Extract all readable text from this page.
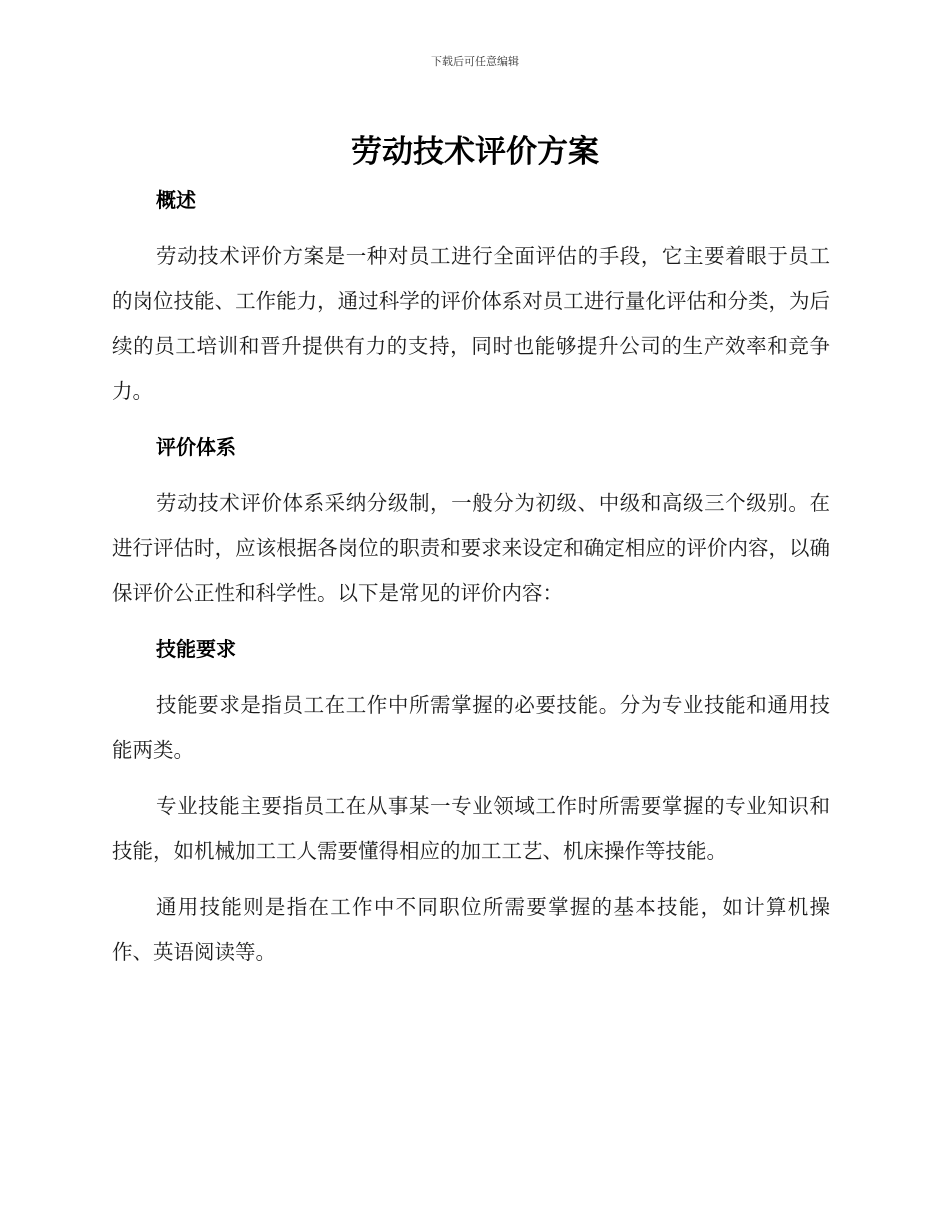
下载后可任意编辑
劳动技术评价方案
概述
劳动技术评价方案是一种对员工进行全面评估的手段，它主要着眼于员工的岗位技能、工作能力，通过科学的评价体系对员工进行量化评估和分类，为后续的员工培训和晋升提供有力的支持，同时也能够提升公司的生产效率和竞争力。
评价体系
劳动技术评价体系采纳分级制，一般分为初级、中级和高级三个级别。在进行评估时，应该根据各岗位的职责和要求来设定和确定相应的评价内容，以确保评价公正性和科学性。以下是常见的评价内容：
技能要求
技能要求是指员工在工作中所需掌握的必要技能。分为专业技能和通用技能两类。
专业技能主要指员工在从事某一专业领域工作时所需要掌握的专业知识和技能，如机械加工工人需要懂得相应的加工工艺、机床操作等技能。
通用技能则是指在工作中不同职位所需要掌握的基本技能，如计算机操作、英语阅读等。
